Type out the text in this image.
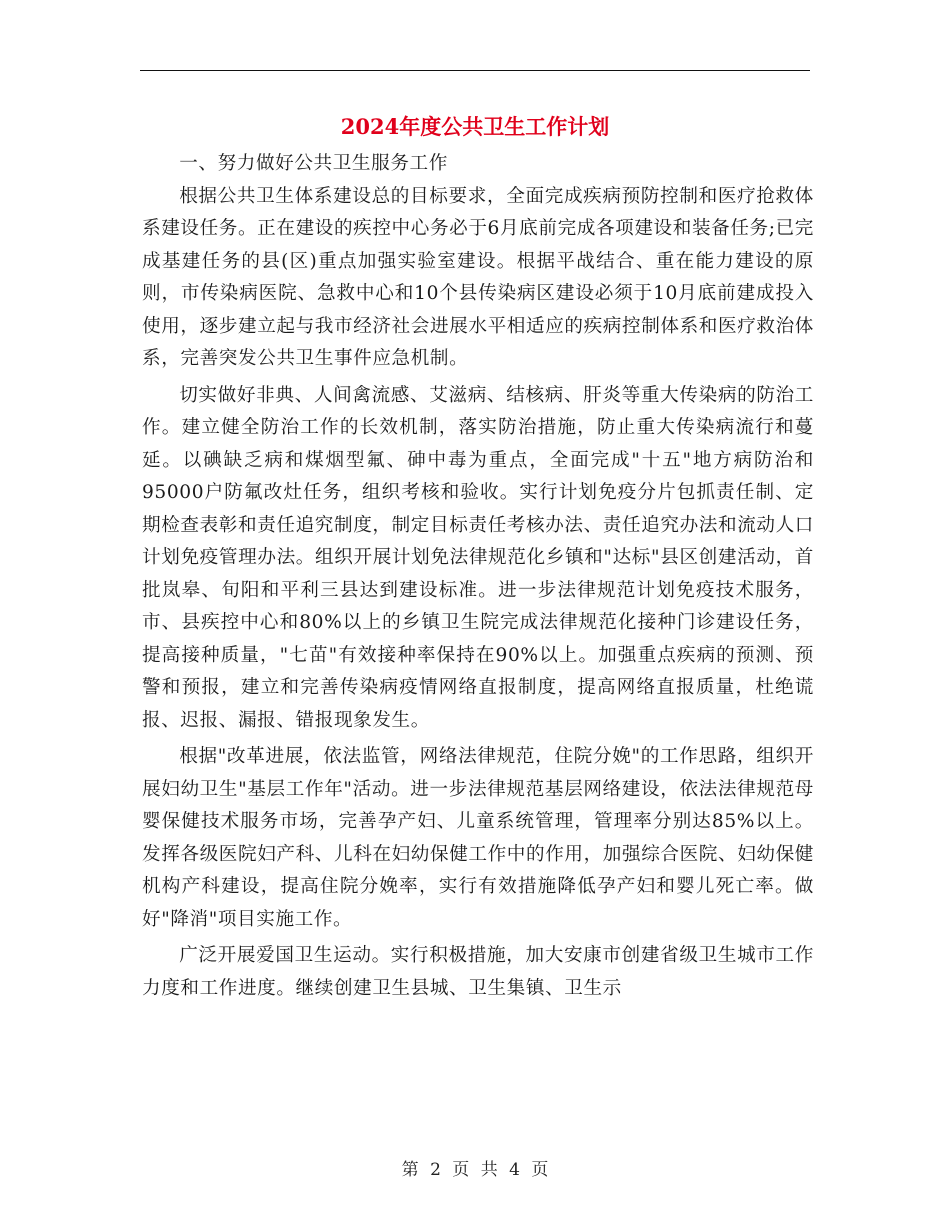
2024年度公共卫生工作计划

一、努力做好公共卫生服务工作

根据公共卫生体系建设总的目标要求，全面完成疾病预防控制和医疗抢救体系建设任务。正在建设的疾控中心务必于6月底前完成各项建设和装备任务;已完成基建任务的县(区)重点加强实验室建设。根据平战结合、重在能力建设的原则，市传染病医院、急救中心和10个县传染病区建设必须于10月底前建成投入使用，逐步建立起与我市经济社会进展水平相适应的疾病控制体系和医疗救治体系，完善突发公共卫生事件应急机制。

切实做好非典、人间禽流感、艾滋病、结核病、肝炎等重大传染病的防治工作。建立健全防治工作的长效机制，落实防治措施，防止重大传染病流行和蔓延。以碘缺乏病和煤烟型氟、砷中毒为重点，全面完成"十五"地方病防治和95000户防氟改灶任务，组织考核和验收。实行计划免疫分片包抓责任制、定期检查表彰和责任追究制度，制定目标责任考核办法、责任追究办法和流动人口计划免疫管理办法。组织开展计划免法律规范化乡镇和"达标"县区创建活动，首批岚皋、旬阳和平利三县达到建设标准。进一步法律规范计划免疫技术服务，市、县疾控中心和80%以上的乡镇卫生院完成法律规范化接种门诊建设任务，提高接种质量，"七苗"有效接种率保持在90%以上。加强重点疾病的预测、预警和预报，建立和完善传染病疫情网络直报制度，提高网络直报质量，杜绝谎报、迟报、漏报、错报现象发生。

根据"改革进展，依法监管，网络法律规范，住院分娩"的工作思路，组织开展妇幼卫生"基层工作年"活动。进一步法律规范基层网络建设，依法法律规范母婴保健技术服务市场，完善孕产妇、儿童系统管理，管理率分别达85%以上。发挥各级医院妇产科、儿科在妇幼保健工作中的作用，加强综合医院、妇幼保健机构产科建设，提高住院分娩率，实行有效措施降低孕产妇和婴儿死亡率。做好"降消"项目实施工作。

广泛开展爱国卫生运动。实行积极措施，加大安康市创建省级卫生城市工作力度和工作进度。继续创建卫生县城、卫生集镇、卫生示

第 2 页 共 4 页
